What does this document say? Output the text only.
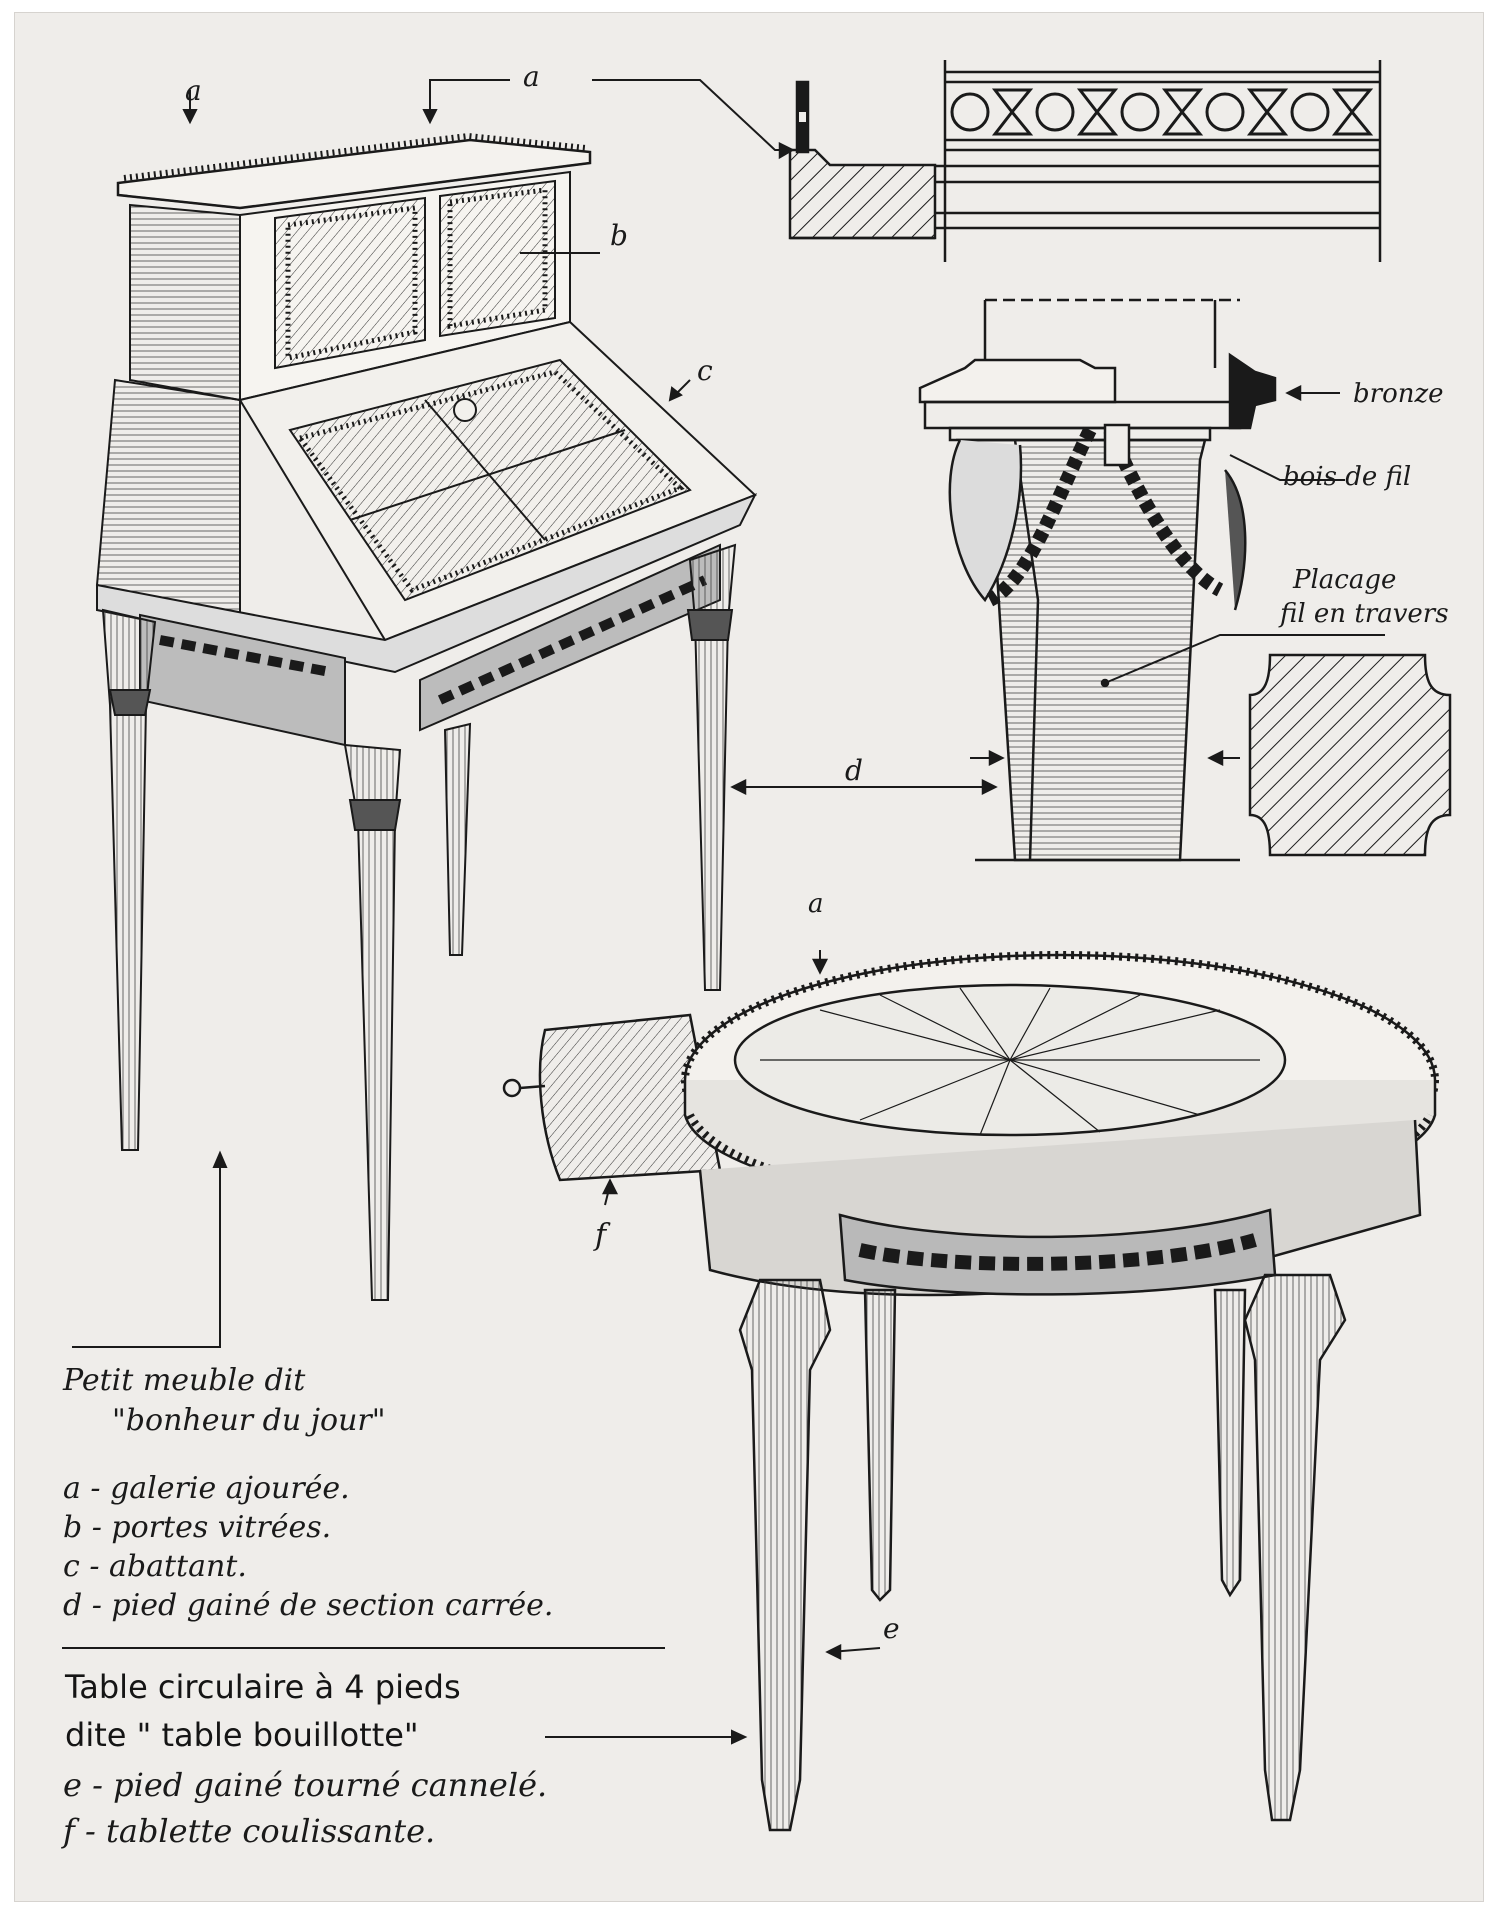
a	a
b
c
d
a
f
e
bronze
bois de fil
Placage
fil en travers
Petit meuble dit
"bonheur du jour"
a - galerie ajourée.
b - portes vitrées.
c - abattant.
d - pied gainé de section carrée.
Table circulaire à 4 pieds
dite " table bouillotte"
e - pied gainé tourné cannelé.
f - tablette coulissante.
